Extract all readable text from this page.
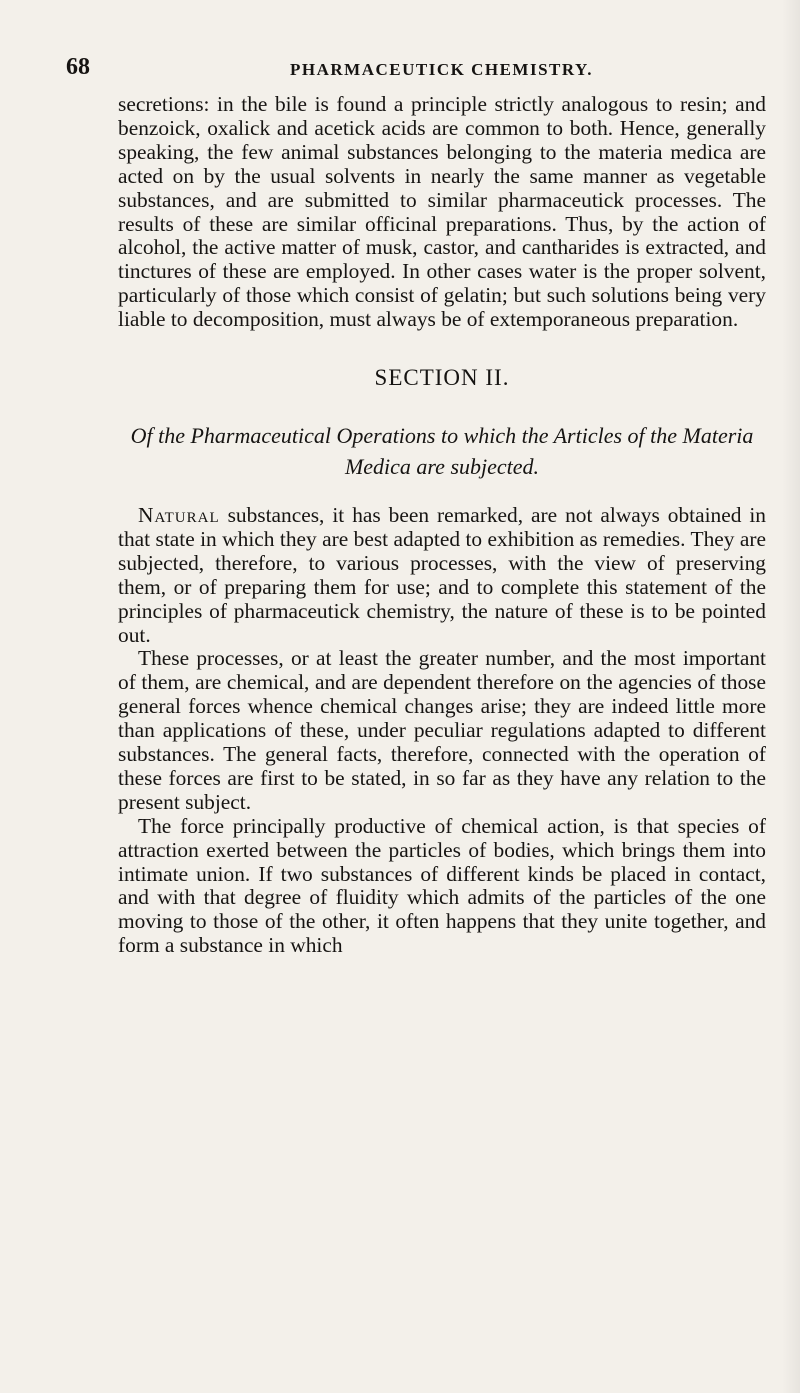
68	PHARMACEUTICK CHEMISTRY.

secretions: in the bile is found a principle strictly analogous to resin; and benzoick, oxalick and acetick acids are common to both. Hence, generally speaking, the few animal substances belonging to the materia medica are acted on by the usual solvents in nearly the same manner as vegetable substances, and are submitted to similar pharmaceutick processes. The results of these are similar officinal preparations. Thus, by the action of alcohol, the active matter of musk, castor, and cantharides is extracted, and tinctures of these are employed. In other cases water is the proper solvent, particularly of those which consist of gelatin; but such solutions being very liable to decomposition, must always be of extemporaneous preparation.

SECTION II.
Of the Pharmaceutical Operations to which the Articles of the Materia Medica are subjected.

Natural substances, it has been remarked, are not always obtained in that state in which they are best adapted to exhibition as remedies. They are subjected, therefore, to various processes, with the view of preserving them, or of preparing them for use; and to complete this statement of the principles of pharmaceutick chemistry, the nature of these is to be pointed out.

These processes, or at least the greater number, and the most important of them, are chemical, and are dependent therefore on the agencies of those general forces whence chemical changes arise; they are indeed little more than applications of these, under peculiar regulations adapted to different substances. The general facts, therefore, connected with the operation of these forces are first to be stated, in so far as they have any relation to the present subject.

The force principally productive of chemical action, is that species of attraction exerted between the particles of bodies, which brings them into intimate union. If two substances of different kinds be placed in contact, and with that degree of fluidity which admits of the particles of the one moving to those of the other, it often happens that they unite together, and form a substance in which
